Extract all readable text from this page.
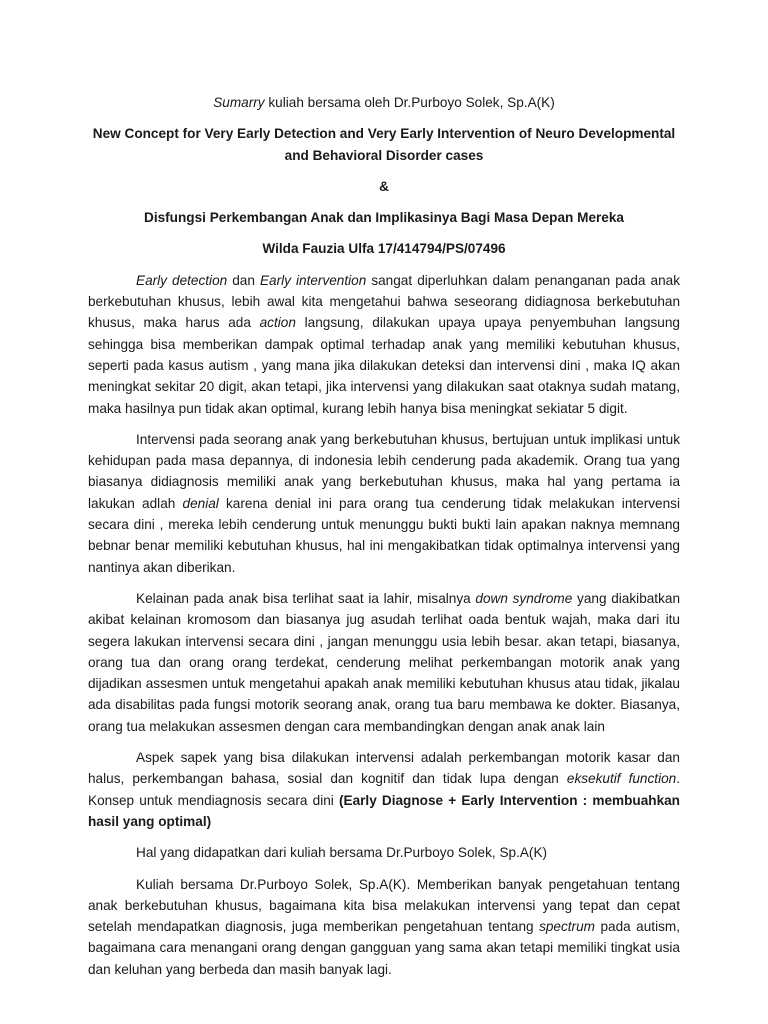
Sumarry kuliah bersama oleh Dr.Purboyo Solek, Sp.A(K)

New Concept for Very Early Detection and Very Early Intervention of Neuro Developmental and Behavioral Disorder cases

&

Disfungsi Perkembangan Anak dan Implikasinya Bagi Masa Depan Mereka

Wilda Fauzia Ulfa 17/414794/PS/07496

Early detection dan Early intervention sangat diperluhkan dalam penanganan pada anak berkebutuhan khusus, lebih awal kita mengetahui bahwa seseorang didiagnosa berkebutuhan khusus, maka harus ada action langsung, dilakukan upaya upaya penyembuhan langsung sehingga bisa memberikan dampak optimal terhadap anak yang memiliki kebutuhan khusus, seperti pada kasus autism , yang mana jika dilakukan deteksi dan intervensi dini , maka IQ akan meningkat sekitar 20 digit, akan tetapi, jika intervensi yang dilakukan saat otaknya sudah matang, maka hasilnya pun tidak akan optimal, kurang lebih hanya bisa meningkat sekiatar 5 digit.

Intervensi pada seorang anak yang berkebutuhan khusus, bertujuan untuk implikasi untuk kehidupan pada masa depannya, di indonesia lebih cenderung pada akademik. Orang tua yang biasanya didiagnosis memiliki anak yang berkebutuhan khusus, maka hal yang pertama ia lakukan adlah denial karena denial ini para orang tua cenderung tidak melakukan intervensi secara dini , mereka lebih cenderung untuk menunggu bukti bukti lain apakan naknya memnang bebnar benar memiliki kebutuhan khusus, hal ini mengakibatkan tidak optimalnya intervensi yang nantinya akan diberikan.

Kelainan pada anak bisa terlihat saat ia lahir, misalnya down syndrome yang diakibatkan akibat kelainan kromosom dan biasanya jug asudah terlihat oada bentuk wajah, maka dari itu segera lakukan intervensi secara dini , jangan menunggu usia lebih besar. akan tetapi, biasanya, orang tua dan orang orang terdekat, cenderung melihat perkembangan motorik anak yang dijadikan assesmen untuk mengetahui apakah anak memiliki kebutuhan khusus atau tidak, jikalau ada disabilitas pada fungsi motorik seorang anak, orang tua baru membawa ke dokter. Biasanya, orang tua melakukan assesmen dengan cara membandingkan dengan anak anak lain

Aspek sapek yang bisa dilakukan intervensi adalah perkembangan motorik kasar dan halus, perkembangan bahasa, sosial dan kognitif dan tidak lupa dengan eksekutif function. Konsep untuk mendiagnosis secara dini (Early Diagnose + Early Intervention : membuahkan hasil yang optimal)

Hal yang didapatkan dari kuliah bersama Dr.Purboyo Solek, Sp.A(K)

Kuliah bersama Dr.Purboyo Solek, Sp.A(K). Memberikan banyak pengetahuan tentang anak berkebutuhan khusus, bagaimana kita bisa melakukan intervensi yang tepat dan cepat setelah mendapatkan diagnosis, juga memberikan pengetahuan tentang spectrum pada autism, bagaimana cara menangani orang dengan gangguan yang sama akan tetapi memiliki tingkat usia dan keluhan yang berbeda dan masih banyak lagi.
